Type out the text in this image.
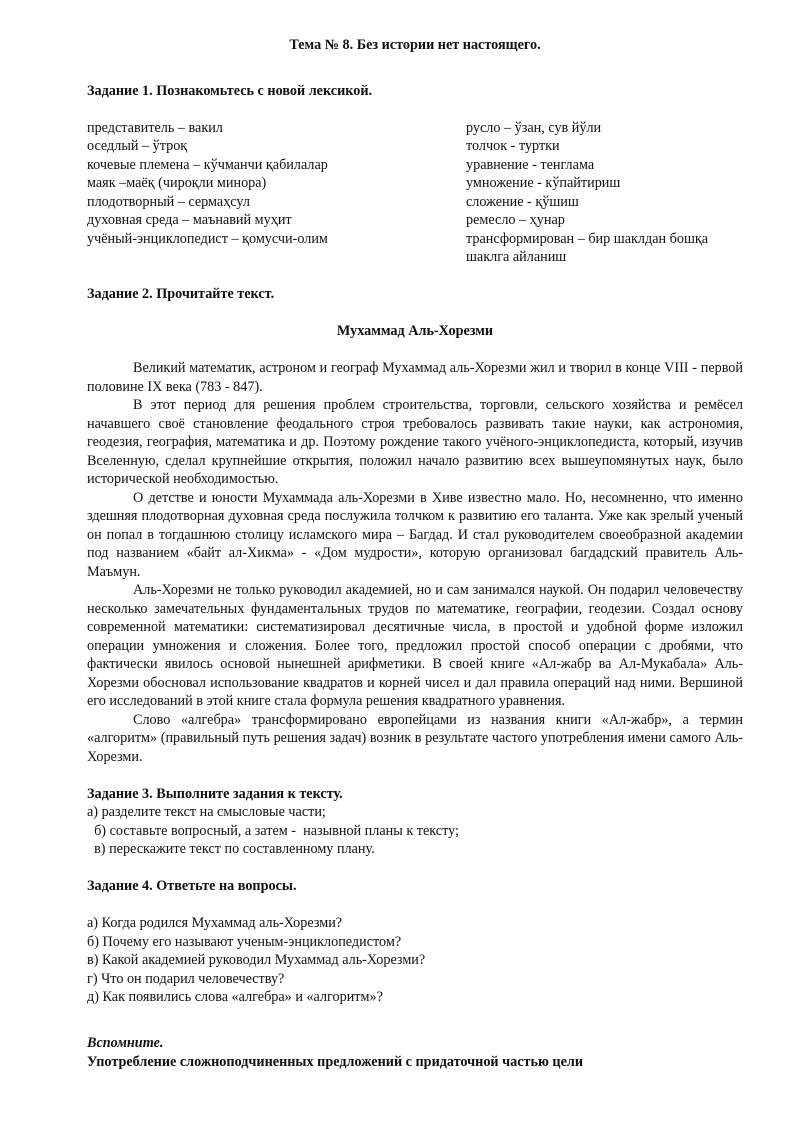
Тема № 8. Без истории нет настоящего.

Задание 1. Познакомьтесь с новой лексикой.

представитель – вакил

оседлый – ўтроқ

кочевые племена – кўчманчи қабилалар

маяк –маёқ (чироқли минора)

плодотворный – сермаҳсул

духовная среда – маънавий муҳит

учёный-энциклопедист – қомусчи-олим

русло – ўзан, сув йўли

толчок - туртки

уравнение - тенглама

умножение - кўпайтириш

сложение - қўшиш

ремесло – ҳунар

трансформирован – бир шаклдан бошқа

шаклга айланиш

Задание 2. Прочитайте текст.

Мухаммад Аль-Хорезми

Великий математик, астроном и географ Мухаммад аль-Хорезми жил и творил в конце VIII - первой половине IX века (783 - 847).

В этот период для решения проблем строительства, торговли, сельского хозяйства и ремёсел начавшего своё становление феодального строя требовалось развивать такие науки, как астрономия, геодезия, география, математика и др. Поэтому рождение такого учёного-энциклопедиста, который, изучив Вселенную, сделал крупнейшие открытия, положил начало развитию всех вышеупомянутых наук, было исторической необходимостью.

О детстве и юности Мухаммада аль-Хорезми в Хиве известно мало. Но, несомненно, что именно здешняя плодотворная духовная среда послужила толчком к развитию его таланта. Уже как зрелый ученый он попал в тогдашнюю столицу исламского мира – Багдад. И стал руководителем своеобразной академии под названием «байт ал-Хикма» - «Дом мудрости», которую организовал багдадский правитель Аль-Маъмун.

Аль-Хорезми не только руководил академией, но и сам занимался наукой. Он подарил человечеству несколько замечательных фундаментальных трудов по математике, географии, геодезии. Создал основу современной математики: систематизировал десятичные числа, в простой и удобной форме изложил операции умножения и сложения. Более того, предложил простой способ операции с дробями, что фактически явилось основой нынешней арифметики. В своей книге «Ал-жабр ва Ал-Мукабала» Аль-Хорезми обосновал использование квадратов и корней чисел и дал правила операций над ними. Вершиной его исследований в этой книге стала формула решения квадратного уравнения.

Слово «алгебра» трансформировано европейцами из названия книги «Ал-жабр», а термин «алгоритм» (правильный путь решения задач) возник в результате частого употребления имени самого Аль-Хорезми.

Задание 3. Выполните задания к тексту.

а) разделите текст на смысловые части;

б) составьте вопросный, а затем -  назывной планы к тексту;

в) перескажите текст по составленному плану.

Задание 4. Ответьте на вопросы.

а) Когда родился Мухаммад аль-Хорезми?

б) Почему его называют ученым-энциклопедистом?

в) Какой академией руководил Мухаммад аль-Хорезми?

г) Что он подарил человечеству?

д) Как появились слова «алгебра» и «алгоритм»?

Вспомните.

Употребление сложноподчиненных предложений с придаточной частью цели
